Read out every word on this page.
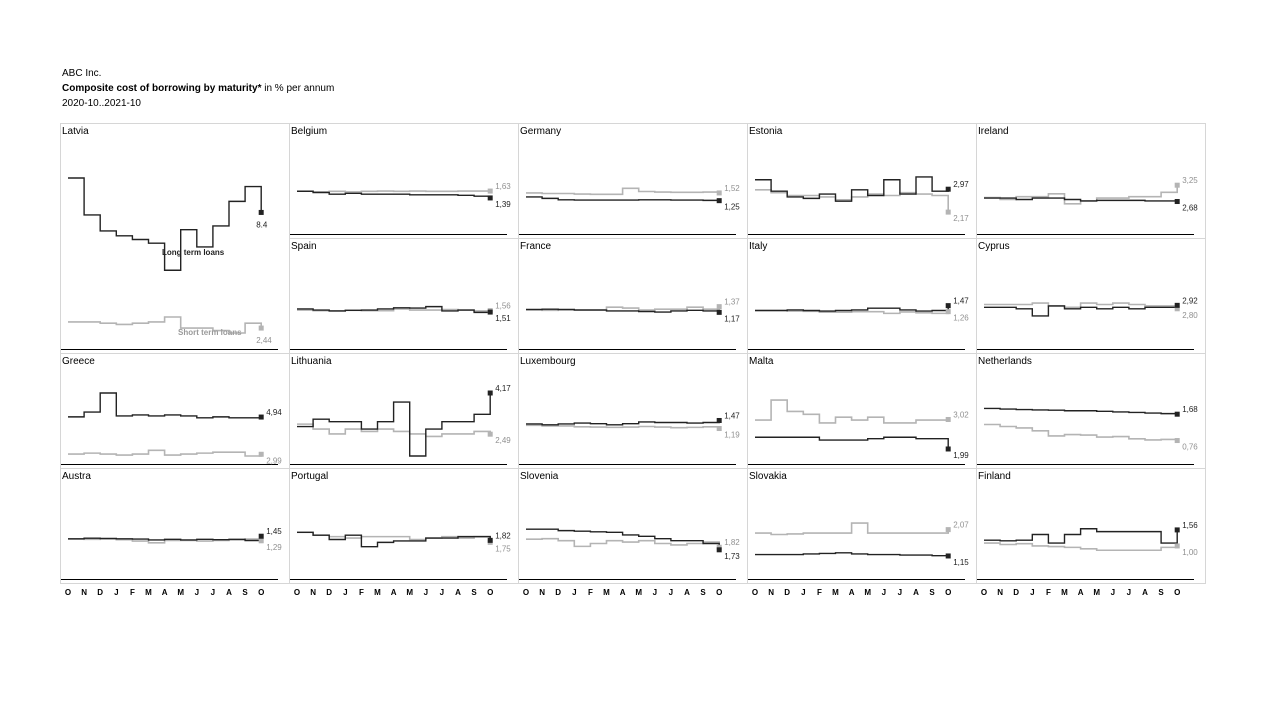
ABC Inc.
Composite cost of borrowing by maturity* in % per annum
2020-10..2021-10
Latvia
8.4
2,44
Long term loans
Short term loans
Belgium
1,39
1,63
Germany
1,25
1,52
Estonia
2,97
2,17
Ireland
2,68
3,25
Spain
1,51
1,56
France
1,17
1,37
Italy
1,47
1,26
Cyprus
2,92
2,80
Greece
4,94
2,99
Lithuania
4,17
2,49
Luxembourg
1,47
1,19
Malta
1,99
3,02
Netherlands
1,68
0,76
Austra
1,45
1,29
Portugal
1,82
1,75
Slovenia
1,73
1,82
Slovakia
1,15
2,07
Finland
1,56
1,00
O N D J F M A M J J A S O	O N D J F M A M J J A S O	O N D J F M A M J J A S O	O N D J F M A M J J A S O	O N D J F M A M J J A S O
